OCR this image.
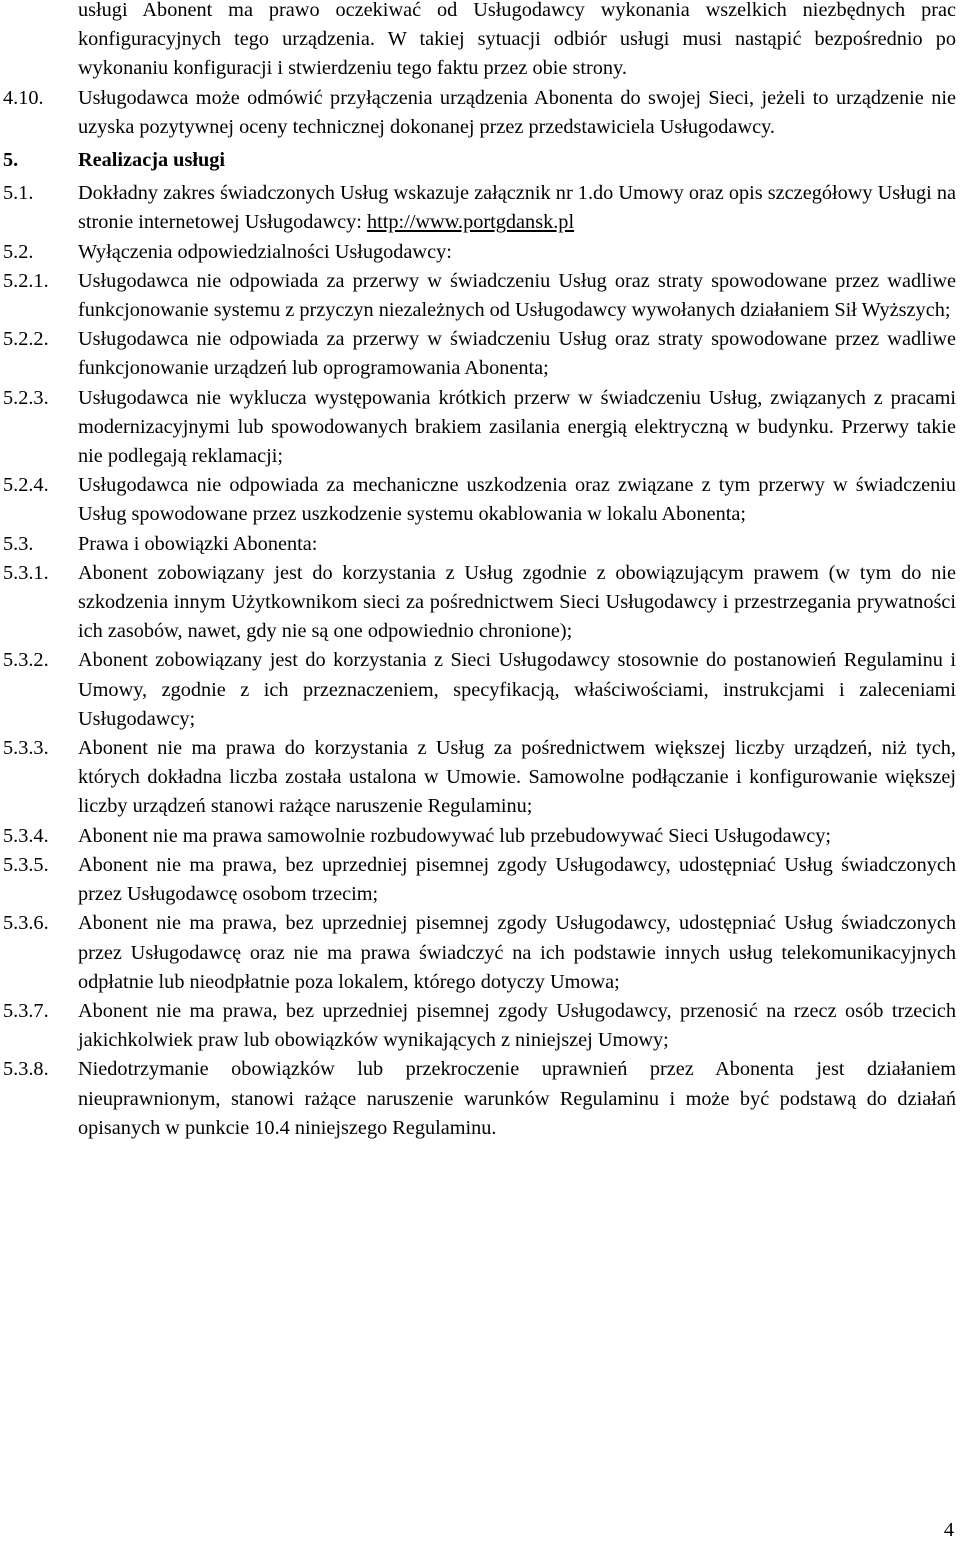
usługi Abonent ma prawo oczekiwać od Usługodawcy wykonania wszelkich niezbędnych prac konfiguracyjnych tego urządzenia. W takiej sytuacji odbiór usługi musi nastąpić bezpośrednio po wykonaniu konfiguracji i stwierdzeniu tego faktu przez obie strony.
4.10.	Usługodawca może odmówić przyłączenia urządzenia Abonenta do swojej Sieci, jeżeli to urządzenie nie uzyska pozytywnej oceny technicznej dokonanej przez przedstawiciela Usługodawcy.
5.	Realizacja usługi
5.1.	Dokładny zakres świadczonych Usług wskazuje załącznik nr 1.do Umowy oraz opis szczegółowy Usługi na stronie internetowej Usługodawcy: http://www.portgdansk.pl
5.2.	Wyłączenia odpowiedzialności Usługodawcy:
5.2.1.	Usługodawca nie odpowiada za przerwy w świadczeniu Usług oraz straty spowodowane przez wadliwe funkcjonowanie systemu z przyczyn niezależnych od Usługodawcy wywołanych działaniem Sił Wyższych;
5.2.2.	Usługodawca nie odpowiada za przerwy w świadczeniu Usług oraz straty spowodowane przez wadliwe funkcjonowanie urządzeń lub oprogramowania Abonenta;
5.2.3.	Usługodawca nie wyklucza występowania krótkich przerw w świadczeniu Usług, związanych z pracami modernizacyjnymi lub spowodowanych brakiem zasilania energią elektryczną w budynku. Przerwy takie nie podlegają reklamacji;
5.2.4.	Usługodawca nie odpowiada za mechaniczne uszkodzenia oraz związane z tym przerwy w świadczeniu Usług spowodowane przez uszkodzenie systemu okablowania w lokalu Abonenta;
5.3.	Prawa i obowiązki Abonenta:
5.3.1.	Abonent zobowiązany jest do korzystania z Usług zgodnie z obowiązującym prawem (w tym do nie szkodzenia innym Użytkownikom sieci za pośrednictwem Sieci Usługodawcy i przestrzegania prywatności ich zasobów, nawet, gdy nie są one odpowiednio chronione);
5.3.2.	Abonent zobowiązany jest do korzystania z Sieci Usługodawcy stosownie do postanowień Regulaminu i Umowy, zgodnie z ich przeznaczeniem, specyfikacją, właściwościami, instrukcjami i zaleceniami Usługodawcy;
5.3.3.	Abonent nie ma prawa do korzystania z Usług za pośrednictwem większej liczby urządzeń, niż tych, których dokładna liczba została ustalona w Umowie. Samowolne podłączanie i konfigurowanie większej liczby urządzeń stanowi rażące naruszenie Regulaminu;
5.3.4.	Abonent nie ma prawa samowolnie rozbudowywać lub przebudowywać Sieci Usługodawcy;
5.3.5.	Abonent nie ma prawa, bez uprzedniej pisemnej zgody Usługodawcy, udostępniać Usług świadczonych przez Usługodawcę osobom trzecim;
5.3.6.	Abonent nie ma prawa, bez uprzedniej pisemnej zgody Usługodawcy, udostępniać Usług świadczonych przez Usługodawcę oraz nie ma prawa świadczyć na ich podstawie innych usług telekomunikacyjnych odpłatnie lub nieodpłatnie poza lokalem, którego dotyczy Umowa;
5.3.7.	Abonent nie ma prawa, bez uprzedniej pisemnej zgody Usługodawcy, przenosić na rzecz osób trzecich jakichkolwiek praw lub obowiązków wynikających z niniejszej Umowy;
5.3.8.	Niedotrzymanie obowiązków lub przekroczenie uprawnień przez Abonenta jest działaniem nieuprawnionym, stanowi rażące naruszenie warunków Regulaminu i może być podstawą do działań opisanych w punkcie 10.4 niniejszego Regulaminu.
4
